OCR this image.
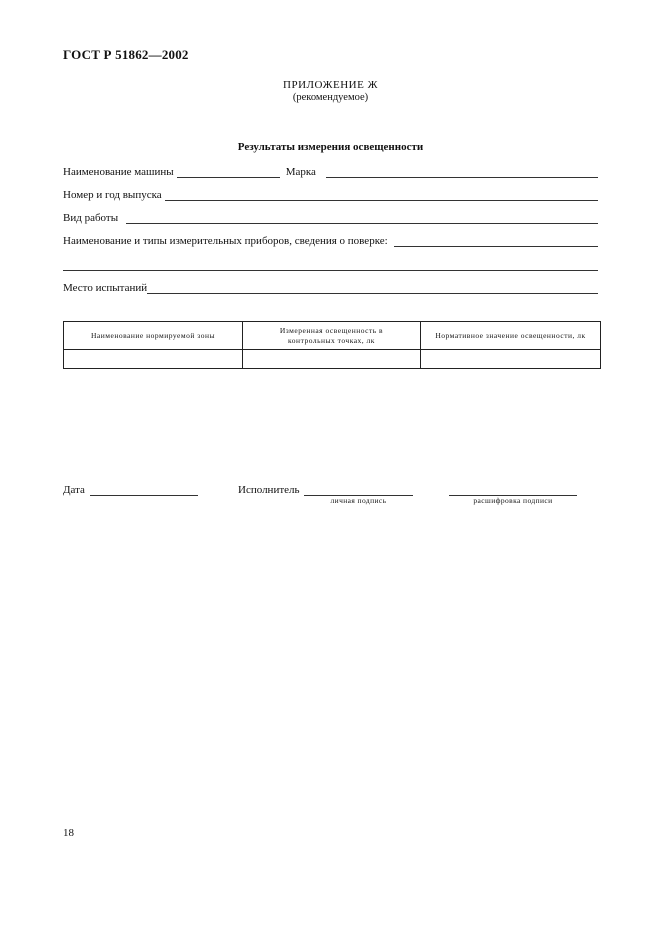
ГОСТ Р 51862—2002
ПРИЛОЖЕНИЕ Ж
(рекомендуемое)
Результаты измерения освещенности
Наименование машины	Марка
Номер и год выпуска
Вид работы
Наименование и типы измерительных приборов, сведения о поверке:
Место испытаний
Наименование нормируемой зоны	Измеренная освещенность в контрольных точках, лк	Нормативное значение освещенности, лк

Дата	Исполнитель
личная подпись	расшифровка подписи
18
